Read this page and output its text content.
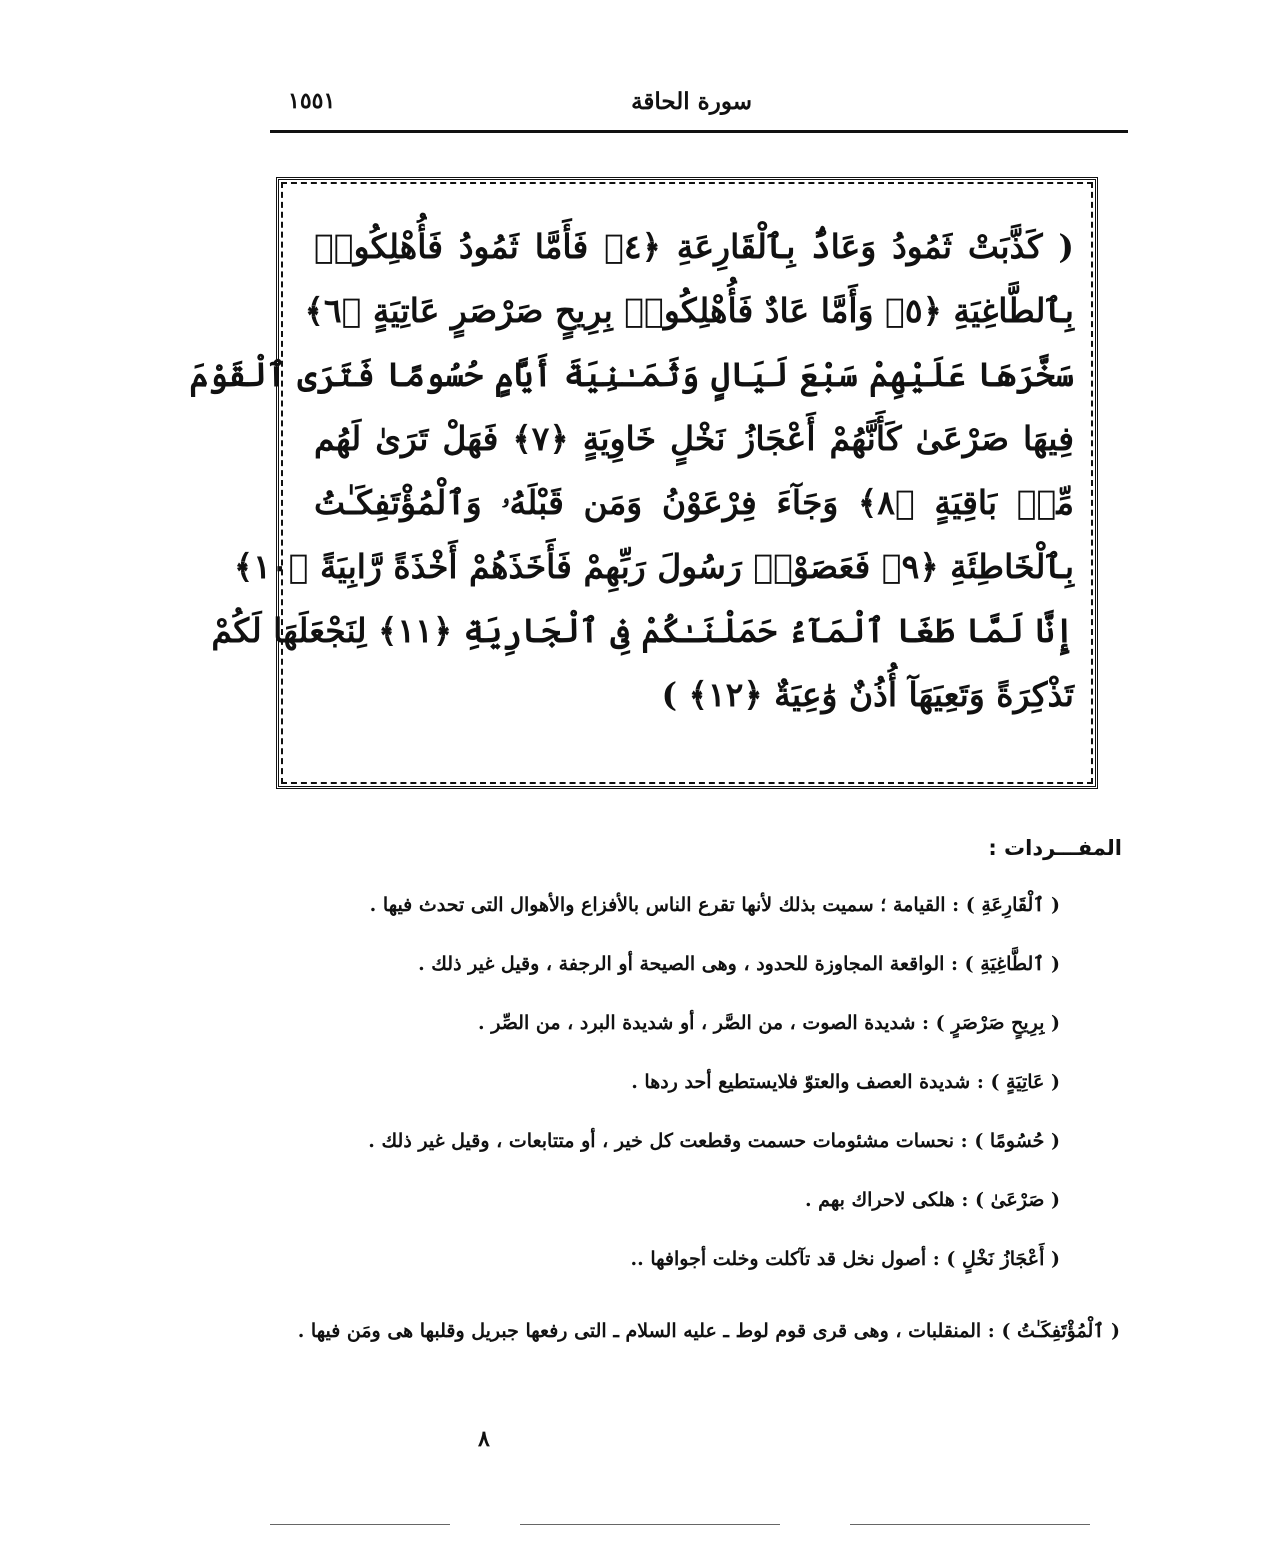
سورة الحاقة
١٥٥١
( كَذَّبَتْ ثَمُودُ وَعَادٌۢ بِٱلْقَارِعَةِ ﴿٤﴾ فَأَمَّا ثَمُودُ فَأُهْلِكُوا۟
بِٱلطَّاغِيَةِ ﴿٥﴾ وَأَمَّا عَادٌ فَأُهْلِكُوا۟ بِرِيحٍ صَرْصَرٍ عَاتِيَةٍ ﴿٦﴾
سَخَّرَهَا عَلَيْهِمْ سَبْعَ لَيَالٍ وَثَمَـٰنِيَةَ أَيَّامٍ حُسُومًا فَتَرَى ٱلْقَوْمَ
فِيهَا صَرْعَىٰ كَأَنَّهُمْ أَعْجَازُ نَخْلٍ خَاوِيَةٍ ﴿٧﴾ فَهَلْ تَرَىٰ لَهُم
مِّنۢ بَاقِيَةٍ ﴿٨﴾ وَجَآءَ فِرْعَوْنُ وَمَن قَبْلَهُۥ وَٱلْمُؤْتَفِكَـٰتُ
بِٱلْخَاطِئَةِ ﴿٩﴾ فَعَصَوْا۟ رَسُولَ رَبِّهِمْ فَأَخَذَهُمْ أَخْذَةً رَّابِيَةً ﴿١٠﴾
إِنَّا لَمَّا طَغَا ٱلْمَآءُ حَمَلْنَـٰكُمْ فِى ٱلْجَارِيَةِ ﴿١١﴾ لِنَجْعَلَهَا لَكُمْ
تَذْكِرَةً وَتَعِيَهَآ أُذُنٌ وَٰعِيَةٌ ﴿١٢﴾ )
المفـــردات :
( ٱلْقَارِعَةِ ) : القيامة ؛ سميت بذلك لأنها تقرع الناس بالأفزاع والأهوال التى تحدث فيها .
( ٱلطَّاغِيَةِ ) : الواقعة المجاوزة للحدود ، وهى الصيحة أو الرجفة ، وقيل غير ذلك .
( بِرِيحٍ صَرْصَرٍ ) : شديدة الصوت ، من الصَّر ، أو شديدة البرد ، من الصِّر .
( عَاتِيَةٍ ) : شديدة العصف والعتوّ فلايستطيع أحد ردها .
( حُسُومًا ) : نحسات مشئومات حسمت وقطعت كل خير ، أو متتابعات ، وقيل غير ذلك .
( صَرْعَىٰ ) : هلكى لاحراك بهم .
( أَعْجَازُ نَخْلٍ ) : أصول نخل قد تآكلت وخلت أجوافها ..
( ٱلْمُؤْتَفِكَـٰتُ ) : المنقلبات ، وهى قرى قوم لوط ـ عليه السلام ـ التى رفعها جبريل وقلبها هى ومَن فيها .
٨
